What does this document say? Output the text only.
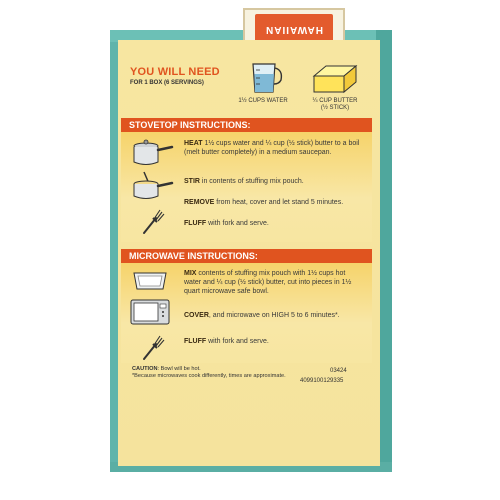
HAWAIIAN
YOU WILL NEED
FOR 1 BOX (6 SERVINGS)
1½ CUPS WATER	¼ CUP BUTTER
(½ STICK)
STOVETOP INSTRUCTIONS:
HEAT 1½ cups water and ¼ cup (½ stick) butter to a boil (melt butter completely) in a medium saucepan.
STIR in contents of stuffing mix pouch.
REMOVE from heat, cover and let stand 5 minutes.
FLUFF with fork and serve.
MICROWAVE INSTRUCTIONS:
MIX contents of stuffing mix pouch with 1½ cups hot water and ¼ cup (½ stick) butter, cut into pieces in 1½ quart microwave safe bowl.
COVER, and microwave on HIGH 5 to 6 minutes*.
FLUFF with fork and serve.
CAUTION: Bowl will be hot.
*Because microwaves cook differently, times are approximate.
03424
4099100129335
